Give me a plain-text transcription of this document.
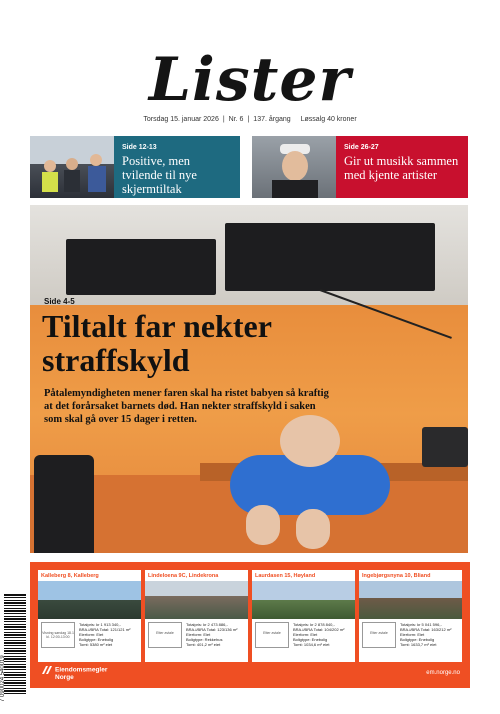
Lister
Torsdag 15. januar 2026 | Nr. 6 | 137. årgang Løssalg 40 kroner
Side 12-13
Positive, men tvilende til nye skjermtiltak
Side 26-27
Gir ut musikk sammen med kjente artister
Side 4-5
Tiltalt far nekter straffskyld
Påtalemyndigheten mener faren skal ha ristet babyen så kraftig at det forårsaket barnets død. Han nekter straffskyld i saken som skal gå over 15 dager i retten.
Kalleberg 8, Kalleberg
Visning søndag 18.1 kl. 12:00-13:00
Totalpris: kr 1 913 340,-
BRA-i/BRA Total: 121/121 m²
Eierform: Eiet
Boligtype: Enebolig
Tomt: 5380 m² eiet
Lindeloena 9C, Lindekrona
Etter avtale
Totalpris: kr 2 473 886,-
BRA-i/BRA Total: 123/136 m²
Eierform: Eiet
Boligtype: Rekkehus
Tomt: 401,2 m² eiet
Laurdasen 15, Høyland
Etter avtale
Totalpris: kr 2 878 840,-
BRA-i/BRA Total: 104/202 m²
Eierform: Eiet
Boligtype: Enebolig
Tomt: 1034,6 m² eiet
Ingebjørgsnyna 10, Bliand
Etter avtale
Totalpris: kr 5 041 596,-
BRA-i/BRA Total: 163/212 m²
Eierform: Eiet
Boligtype: Enebolig
Tomt: 1633,7 m² eiet
Eiendomsmegler
Norge
em.norge.no
7 090024 540019
